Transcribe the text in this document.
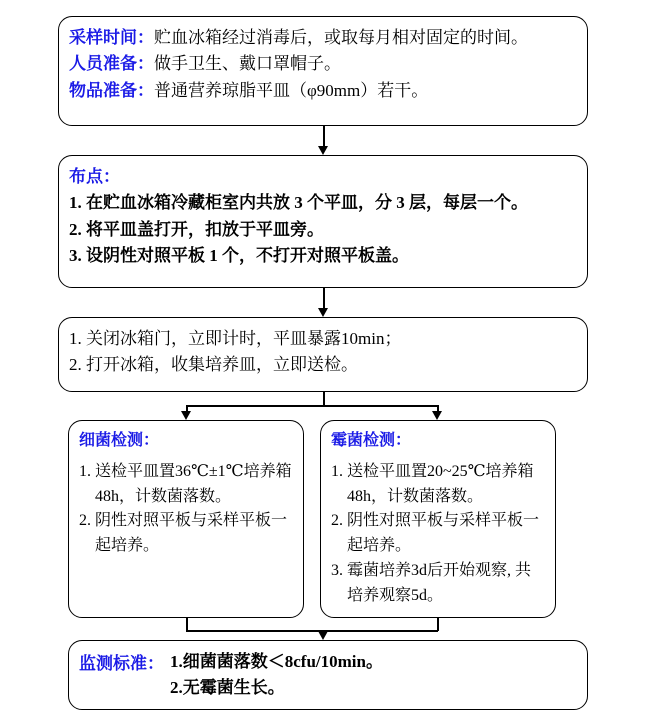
采样时间：贮血冰箱经过消毒后，或取每月相对固定的时间。
人员准备：做手卫生、戴口罩帽子。
物品准备：普通营养琼脂平皿（φ90mm）若干。
布点：
1. 在贮血冰箱冷藏柜室内共放 3 个平皿，分 3 层，每层一个。
2. 将平皿盖打开，扣放于平皿旁。
3. 设阴性对照平板 1 个，不打开对照平板盖。
1. 关闭冰箱门，立即计时，平皿暴露10min；
2. 打开冰箱，收集培养皿，立即送检。
细菌检测：
1. 送检平皿置36℃±1℃培养箱48h，计数菌落数。
2. 阴性对照平板与采样平板一起培养。
霉菌检测：
1. 送检平皿置20~25℃培养箱48h，计数菌落数。
2. 阴性对照平板与采样平板一起培养。
3. 霉菌培养3d后开始观察, 共培养观察5d。
监测标准： 1.细菌菌落数＜8cfu/10min。
2.无霉菌生长。
